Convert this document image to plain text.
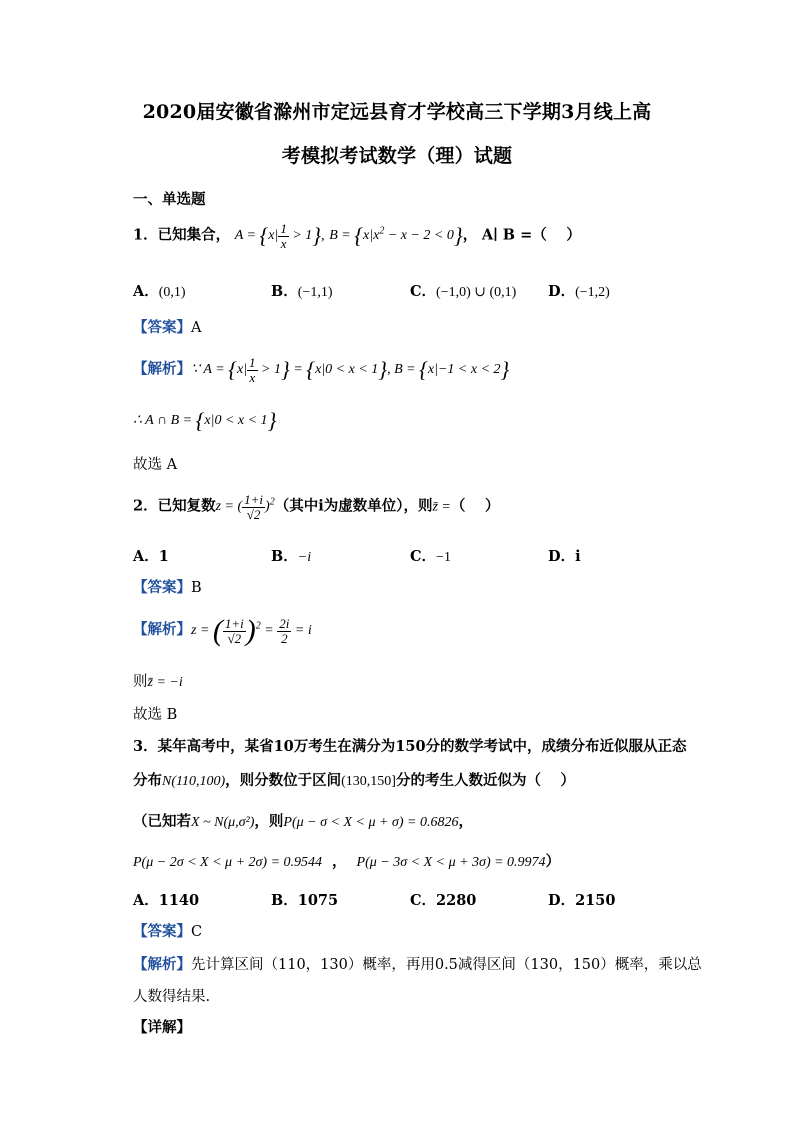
2020届安徽省滁州市定远县育才学校高三下学期3月线上高
考模拟考试数学（理）试题
一、单选题
1．已知集合， $A = \{x| \frac{1}{x} > 1\}$, $B = \{x|x^2 - x - 2 < 0\}$， A∣ B =（　 ）
A．(0,1)	B．(−1,1)	C．(−1,0) ∪ (0,1) D．(−1,2)
【答案】A
【解析】∵ $A = \{x| \frac{1}{x} > 1\} = \{x|0 < x < 1\}$, B = {x|−1 < x < 2}
∴ A ∩ B = {x|0 < x < 1}
故选 A
2．已知复数z = ( $\frac{1+i}{√2} )^2$（其中i为虚数单位），则z̄ =（　 ）
A．1	B．−i	C．−1	D．i
【答案】B
【解析】z = ( $\frac{1+i}{√2} )^2 = \frac{2i}{2} = i$
则z̄ = −i
故选 B
3．某年高考中，某省10万考生在满分为150分的数学考试中，成绩分布近似服从正态
分布N(110,100)，则分数位于区间(130,150]分的考生人数近似为（　 ）
（已知若X ~ N(μ,σ²)，则P(μ − σ < X < μ + σ) = 0.6826，
P(μ − 2σ < X < μ + 2σ) = 0.9544 ， P(μ − 3σ < X < μ + 3σ) = 0.9974）
A．1140	B．1075	C．2280	D．2150
【答案】C
【解析】先计算区间（110，130）概率，再用0.5减得区间（130，150）概率，乘以总
人数得结果.
【详解】
